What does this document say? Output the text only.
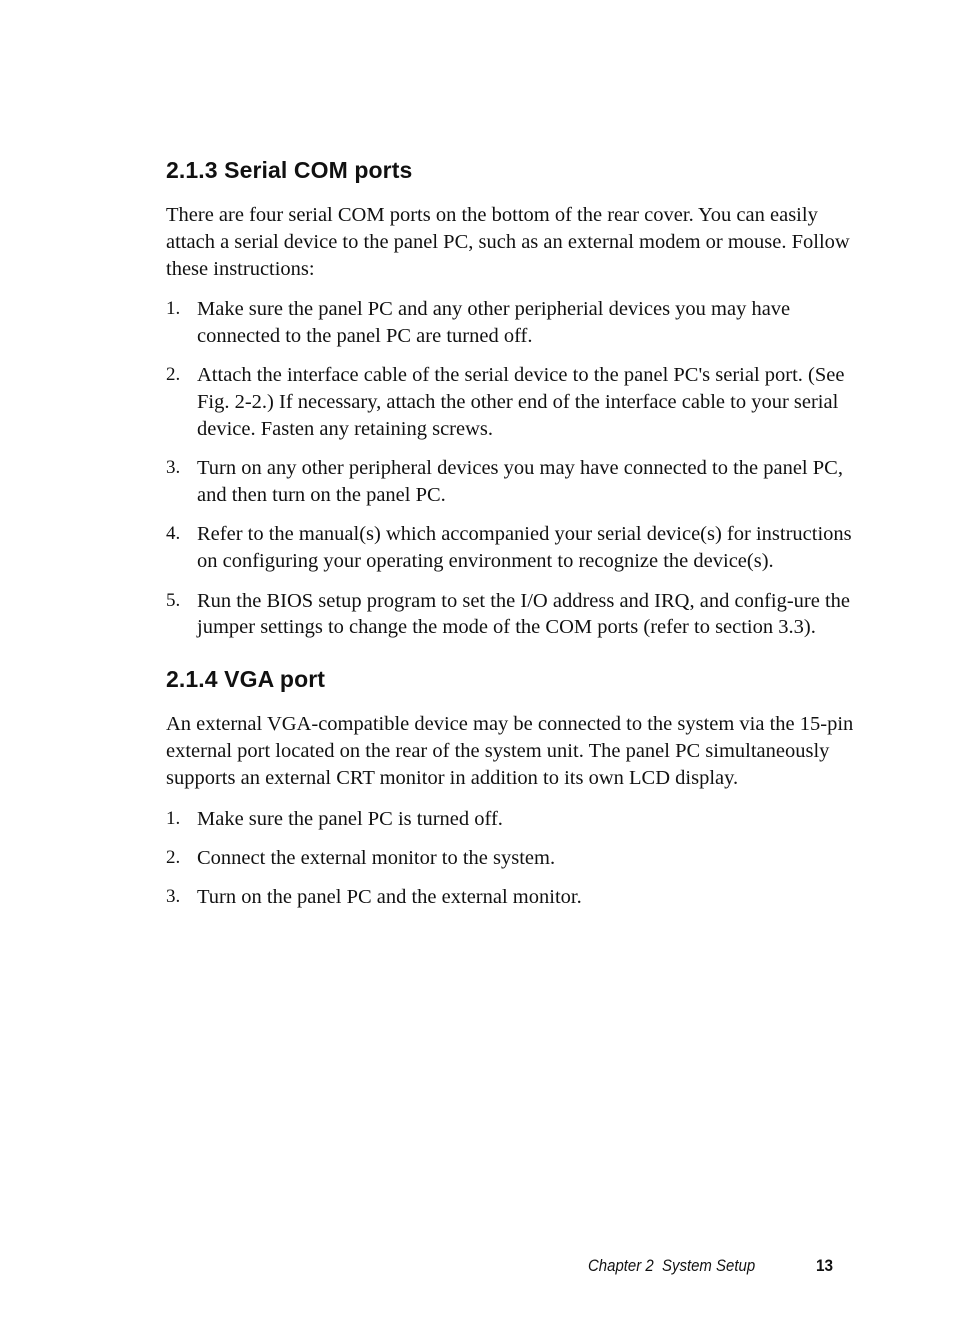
2.1.3 Serial COM ports

There are four serial COM ports on the bottom of the rear cover. You can easily attach a serial device to the panel PC, such as an external modem or mouse. Follow these instructions:

1. Make sure the panel PC and any other peripherial devices you may have connected to the panel PC are turned off.
2. Attach the interface cable of the serial device to the panel PC's serial port. (See Fig. 2-2.) If necessary, attach the other end of the interface cable to your serial device. Fasten any retaining screws.
3. Turn on any other peripheral devices you may have connected to the panel PC, and then turn on the panel PC.
4. Refer to the manual(s) which accompanied your serial device(s) for instructions on configuring your operating environment to recognize the device(s).
5. Run the BIOS setup program to set the I/O address and IRQ, and config-ure the jumper settings to change the mode of the COM ports (refer to section 3.3).
2.1.4 VGA port

An external VGA-compatible device may be connected to the system via the 15-pin external port located on the rear of the system unit. The panel PC simultaneously supports an external CRT monitor in addition to its own LCD display.

1. Make sure the panel PC is turned off.
2. Connect the external monitor to the system.
3. Turn on the panel PC and the external monitor.
Chapter 2  System Setup	13
